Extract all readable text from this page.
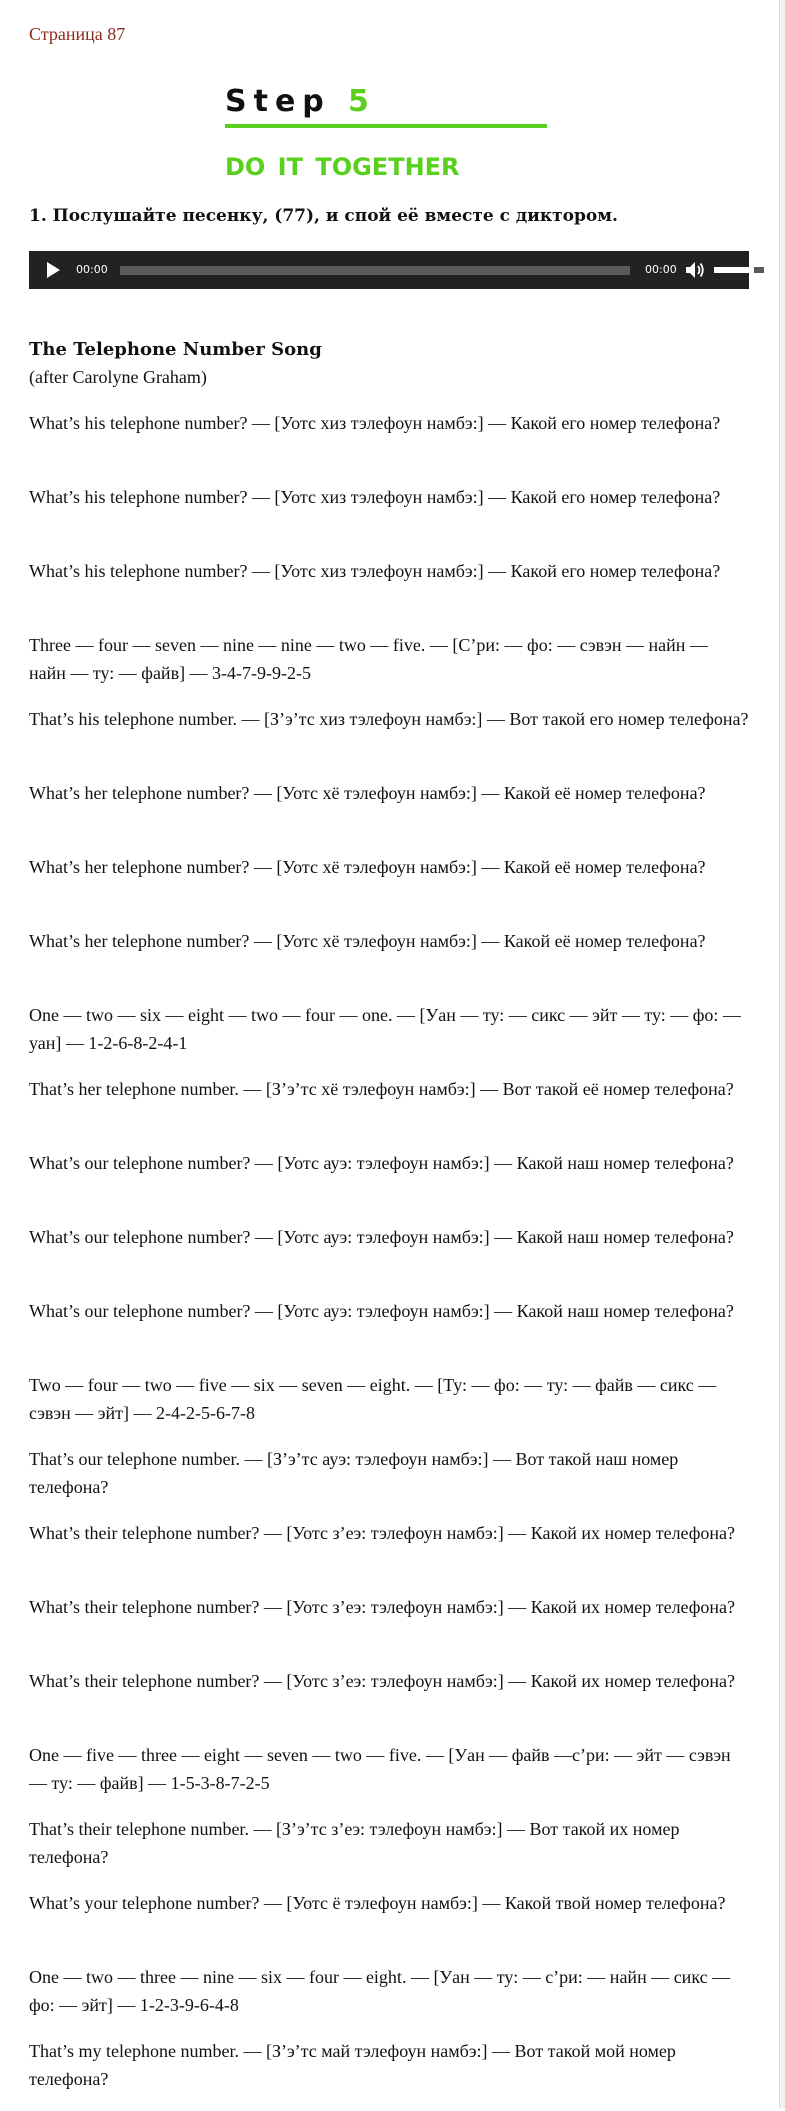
Страница 87
Step 5
DO IT TOGETHER
1. Послушайте песенку, (77), и спой её вместе с диктором.
00:00	00:00
The Telephone Number Song
(after Carolyne Graham)
What’s his telephone number? — [Уотс хиз тэлефоун намбэ:] — Какой его номер телефона?
What’s his telephone number? — [Уотс хиз тэлефоун намбэ:] — Какой его номер телефона?
What’s his telephone number? — [Уотс хиз тэлефоун намбэ:] — Какой его номер телефона?
Three — four — seven — nine — nine — two — five. — [С’ри: — фо: — сэвэн — найн — найн — ту: — файв] — 3-4-7-9-9-2-5
That’s his telephone number. — [З’э’тс хиз тэлефоун намбэ:] — Вот такой его номер телефона?
What’s her telephone number? — [Уотс хё тэлефоун намбэ:] — Какой её номер телефона?
What’s her telephone number? — [Уотс хё тэлефоун намбэ:] — Какой её номер телефона?
What’s her telephone number? — [Уотс хё тэлефоун намбэ:] — Какой её номер телефона?
One — two — six — eight — two — four — one. — [Уан — ту: — сикс — эйт — ту: — фо: — уан] — 1-2-6-8-2-4-1
That’s her telephone number. — [З’э’тс хё тэлефоун намбэ:] — Вот такой её номер телефона?
What’s our telephone number? — [Уотс ауэ: тэлефоун намбэ:] — Какой наш номер телефона?
What’s our telephone number? — [Уотс ауэ: тэлефоун намбэ:] — Какой наш номер телефона?
What’s our telephone number? — [Уотс ауэ: тэлефоун намбэ:] — Какой наш номер телефона?
Two — four — two — five — six — seven — eight. — [Ту: — фо: — ту: — файв — сикс — сэвэн — эйт] — 2-4-2-5-6-7-8
That’s our telephone number. — [З’э’тс ауэ: тэлефоун намбэ:] — Вот такой наш номер телефона?
What’s their telephone number? — [Уотс з’еэ: тэлефоун намбэ:] — Какой их номер телефона?
What’s their telephone number? — [Уотс з’еэ: тэлефоун намбэ:] — Какой их номер телефона?
What’s their telephone number? — [Уотс з’еэ: тэлефоун намбэ:] — Какой их номер телефона?
One — five — three — eight — seven — two — five. — [Уан — файв —с’ри: — эйт — сэвэн — ту: — файв] — 1-5-3-8-7-2-5
That’s their telephone number. — [З’э’тс з’еэ: тэлефоун намбэ:] — Вот такой их номер телефона?
What’s your telephone number? — [Уотс ё тэлефоун намбэ:] — Какой твой номер телефона?
One — two — three — nine — six — four — eight. — [Уан — ту: — с’ри: — найн — сикс — фо: — эйт] — 1-2-3-9-6-4-8
That’s my telephone number. — [З’э’тс май тэлефоун намбэ:] — Вот такой мой номер телефона?
